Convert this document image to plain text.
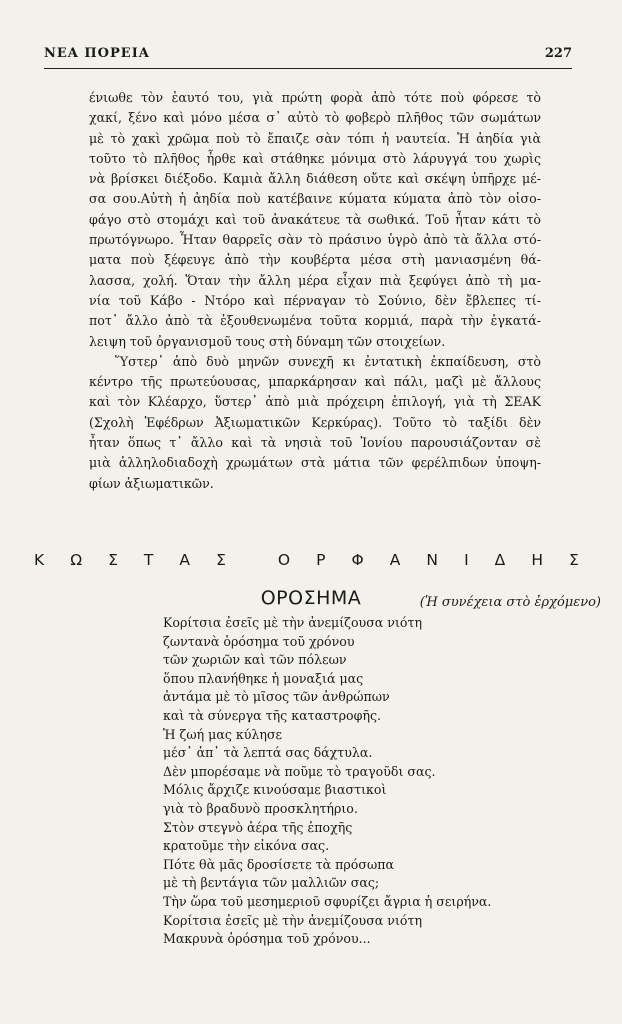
ΝΕΑ ΠΟΡΕΙΑ	227

ένιωθε τὸν ἑαυτό του, γιὰ πρώτη φορὰ ἀπὸ τότε ποὺ φόρεσε τὸ
χακί, ξένο καὶ μόνο μέσα σ᾽ αὐτὸ τὸ φοβερὸ πλῆθος τῶν σωμάτων
μὲ τὸ χακὶ χρῶμα ποὺ τὸ ἔπαιζε σὰν τόπι ἡ ναυτεία. Ἡ ἀηδία γιὰ
τοῦτο τὸ πλῆθος ἦρθε καὶ στάθηκε μόνιμα στὸ λάρυγγά του χωρὶς
νὰ βρίσκει διέξοδο. Καμιὰ ἄλλη διάθεση οὔτε καὶ σκέψη ὑπῆρχε μέ-
σα σου.Αὐτὴ ἡ ἀηδία ποὺ κατέβαινε κύματα κύματα ἀπὸ τὸν οἰσο-
φάγο στὸ στομάχι καὶ τοῦ ἀνακάτευε τὰ σωθικά. Τοῦ ἦταν κάτι τὸ
πρωτόγνωρο. Ἦταν θαρρεῖς σὰν τὸ πράσινο ὑγρὸ ἀπὸ τὰ ἄλλα στό-
ματα ποὺ ξέφευγε ἀπὸ τὴν κουβέρτα μέσα στὴ μανιασμένη θά-
λασσα, χολή. Ὅταν τὴν ἄλλη μέρα εἶχαν πιὰ ξεφύγει ἀπὸ τὴ μα-
νία τοῦ Κάβο - Ντόρο καὶ πέρναγαν τὸ Σούνιο, δὲν ἔβλεπες τί-
ποτ᾽ ἄλλο ἀπὸ τὰ ἐξουθενωμένα τοῦτα κορμιά, παρὰ τὴν ἐγκατά-
λειψη τοῦ ὀργανισμοῦ τους στὴ δύναμη τῶν στοιχείων.

Ὕστερ᾽ ἀπὸ δυὸ μηνῶν συνεχῆ κι ἐντατικὴ ἐκπαίδευση, στὸ
κέντρο τῆς πρωτεύουσας, μπαρκάρησαν καὶ πάλι, μαζὶ μὲ ἄλλους
καὶ τὸν Κλέαρχο, ὕστερ᾽ ἀπὸ μιὰ πρόχειρη ἐπιλογή, γιὰ τὴ ΣΕΑΚ
(Σχολὴ Ἐφέδρων Ἀξιωματικῶν Κερκύρας). Τοῦτο τὸ ταξίδι δὲν
ἦταν ὅπως τ᾽ ἄλλο καὶ τὰ νησιὰ τοῦ Ἰονίου παρουσιάζονταν σὲ
μιὰ ἀλληλοδιαδοχὴ χρωμάτων στὰ μάτια τῶν φερέλπιδων ὑποψη-
φίων ἀξιωματικῶν.

(Ἡ συνέχεια στὸ ἐρχόμενο)
Κ Ω Σ Τ Α Σ	Ο Ρ Φ Α Ν Ι Δ Η Σ
ΟΡΟΣΗΜΑ
Κορίτσια ἐσεῖς μὲ τὴν ἀνεμίζουσα νιότη
ζωντανὰ ὁρόσημα τοῦ χρόνου
τῶν χωριῶν καὶ τῶν πόλεων
ὅπου πλανήθηκε ἡ μοναξιά μας
ἀντάμα μὲ τὸ μῖσος τῶν ἀνθρώπων
καὶ τὰ σύνεργα τῆς καταστροφῆς.
Ἡ ζωή μας κύλησε
μέσ᾽ ἀπ᾽ τὰ λεπτά σας δάχτυλα.
Δὲν μπορέσαμε νὰ ποῦμε τὸ τραγοῦδι σας.
Μόλις ἄρχιζε κινούσαμε βιαστικοὶ
γιὰ τὸ βραδυνὸ προσκλητήριο.
Στὸν στεγνὸ ἀέρα τῆς ἐποχῆς
κρατοῦμε τὴν εἰκόνα σας.
Πότε θὰ μᾶς δροσίσετε τὰ πρόσωπα
μὲ τὴ βεντάγια τῶν μαλλιῶν σας;
Τὴν ὥρα τοῦ μεσημεριοῦ σφυρίζει ἄγρια ἡ σειρήνα.
Κορίτσια ἐσεῖς μὲ τὴν ἀνεμίζουσα νιότη
Μακρυνὰ ὁρόσημα τοῦ χρόνου...
